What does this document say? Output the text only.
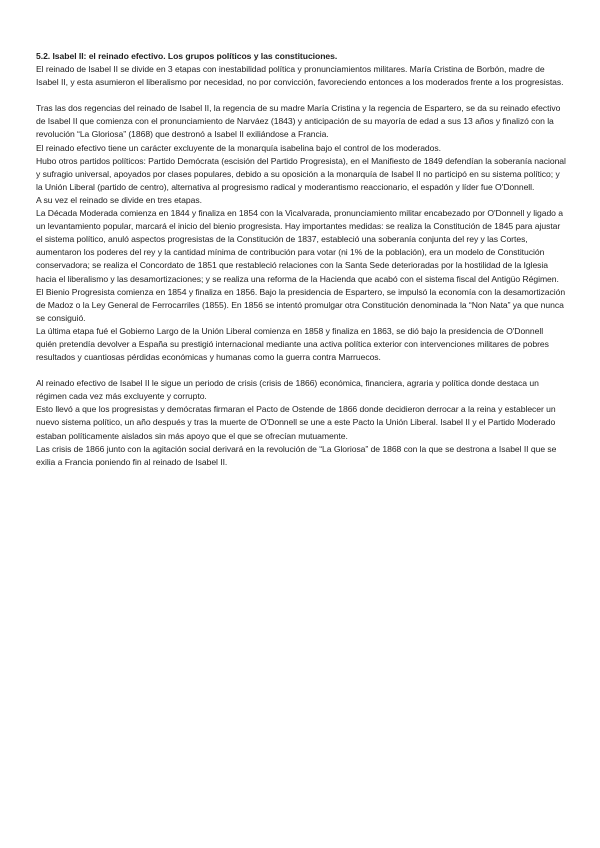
5.2. Isabel II: el reinado efectivo. Los grupos políticos y las constituciones.

El reinado de Isabel II se divide en 3 etapas con inestabilidad política y pronunciamientos militares. María Cristina de Borbón, madre de Isabel II, y esta asumieron el liberalismo por necesidad, no por convicción, favoreciendo entonces a los moderados frente a los progresistas.

Tras las dos regencias del reinado de Isabel II, la regencia de su madre María Cristina y la regencia de Espartero, se da su reinado efectivo de Isabel II que comienza con el pronunciamiento de Narváez (1843) y anticipación de su mayoría de edad a sus 13 años y finalizó con la revolución “La Gloriosa” (1868) que destronó a Isabel II exiliándose a Francia.

El reinado efectivo tiene un carácter excluyente de la monarquía isabelina bajo el control de los moderados.

Hubo otros partidos políticos: Partido Demócrata (escisión del Partido Progresista), en el Manifiesto de 1849 defendían la soberanía nacional y sufragio universal, apoyados por clases populares, debido a su oposición a la monarquía de Isabel II no participó en su sistema político; y la Unión Liberal (partido de centro), alternativa al progresismo radical y moderantismo reaccionario, el espadón y líder fue O'Donnell.

A su vez el reinado se divide en tres etapas.

La Década Moderada comienza en 1844 y finaliza en 1854 con la Vicalvarada, pronunciamiento militar encabezado por O'Donnell y ligado a un levantamiento popular, marcará el inicio del bienio progresista. Hay importantes medidas: se realiza la Constitución de 1845 para ajustar el sistema político, anuló aspectos progresistas de la Constitución de 1837, estableció una soberanía conjunta del rey y las Cortes, aumentaron los poderes del rey y la cantidad mínima de contribución para votar (ni 1% de la población), era un modelo de Constitución conservadora; se realiza el Concordato de 1851 que restableció relaciones con la Santa Sede deterioradas por la hostilidad de la Iglesia hacia el liberalismo y las desamortizaciones; y se realiza una reforma de la Hacienda que acabó con el sistema fiscal del Antigüo Régimen.

El Bienio Progresista comienza en 1854 y finaliza en 1856. Bajo la presidencia de Espartero, se impulsó la economía con la desamortización de Madoz o la Ley General de Ferrocarriles (1855). En 1856 se intentó promulgar otra Constitución denominada la “Non Nata” ya que nunca se consiguió.

La última etapa fué el Gobierno Largo de la Unión Liberal comienza en 1858 y finaliza en 1863, se dió bajo la presidencia de O'Donnell quién pretendía devolver a España su prestigió internacional mediante una activa política exterior con intervenciones militares de pobres resultados y cuantiosas pérdidas económicas y humanas como la guerra contra Marruecos.

Al reinado efectivo de Isabel II le sigue un periodo de crisis (crisis de 1866) económica, financiera, agraria y política donde destaca un régimen cada vez más excluyente y corrupto.

Esto llevó a que los progresistas y demócratas firmaran el Pacto de Ostende de 1866 donde decidieron derrocar a la reina y establecer un nuevo sistema político, un año después y tras la muerte de O'Donnell se une a este Pacto la Unión Liberal. Isabel II y el Partido Moderado estaban políticamente aislados sin más apoyo que el que se ofrecían mutuamente.

Las crisis de 1866 junto con la agitación social derivará en la revolución de “La Gloriosa” de 1868 con la que se destrona a Isabel II que se exilia a Francia poniendo fin al reinado de Isabel II.
